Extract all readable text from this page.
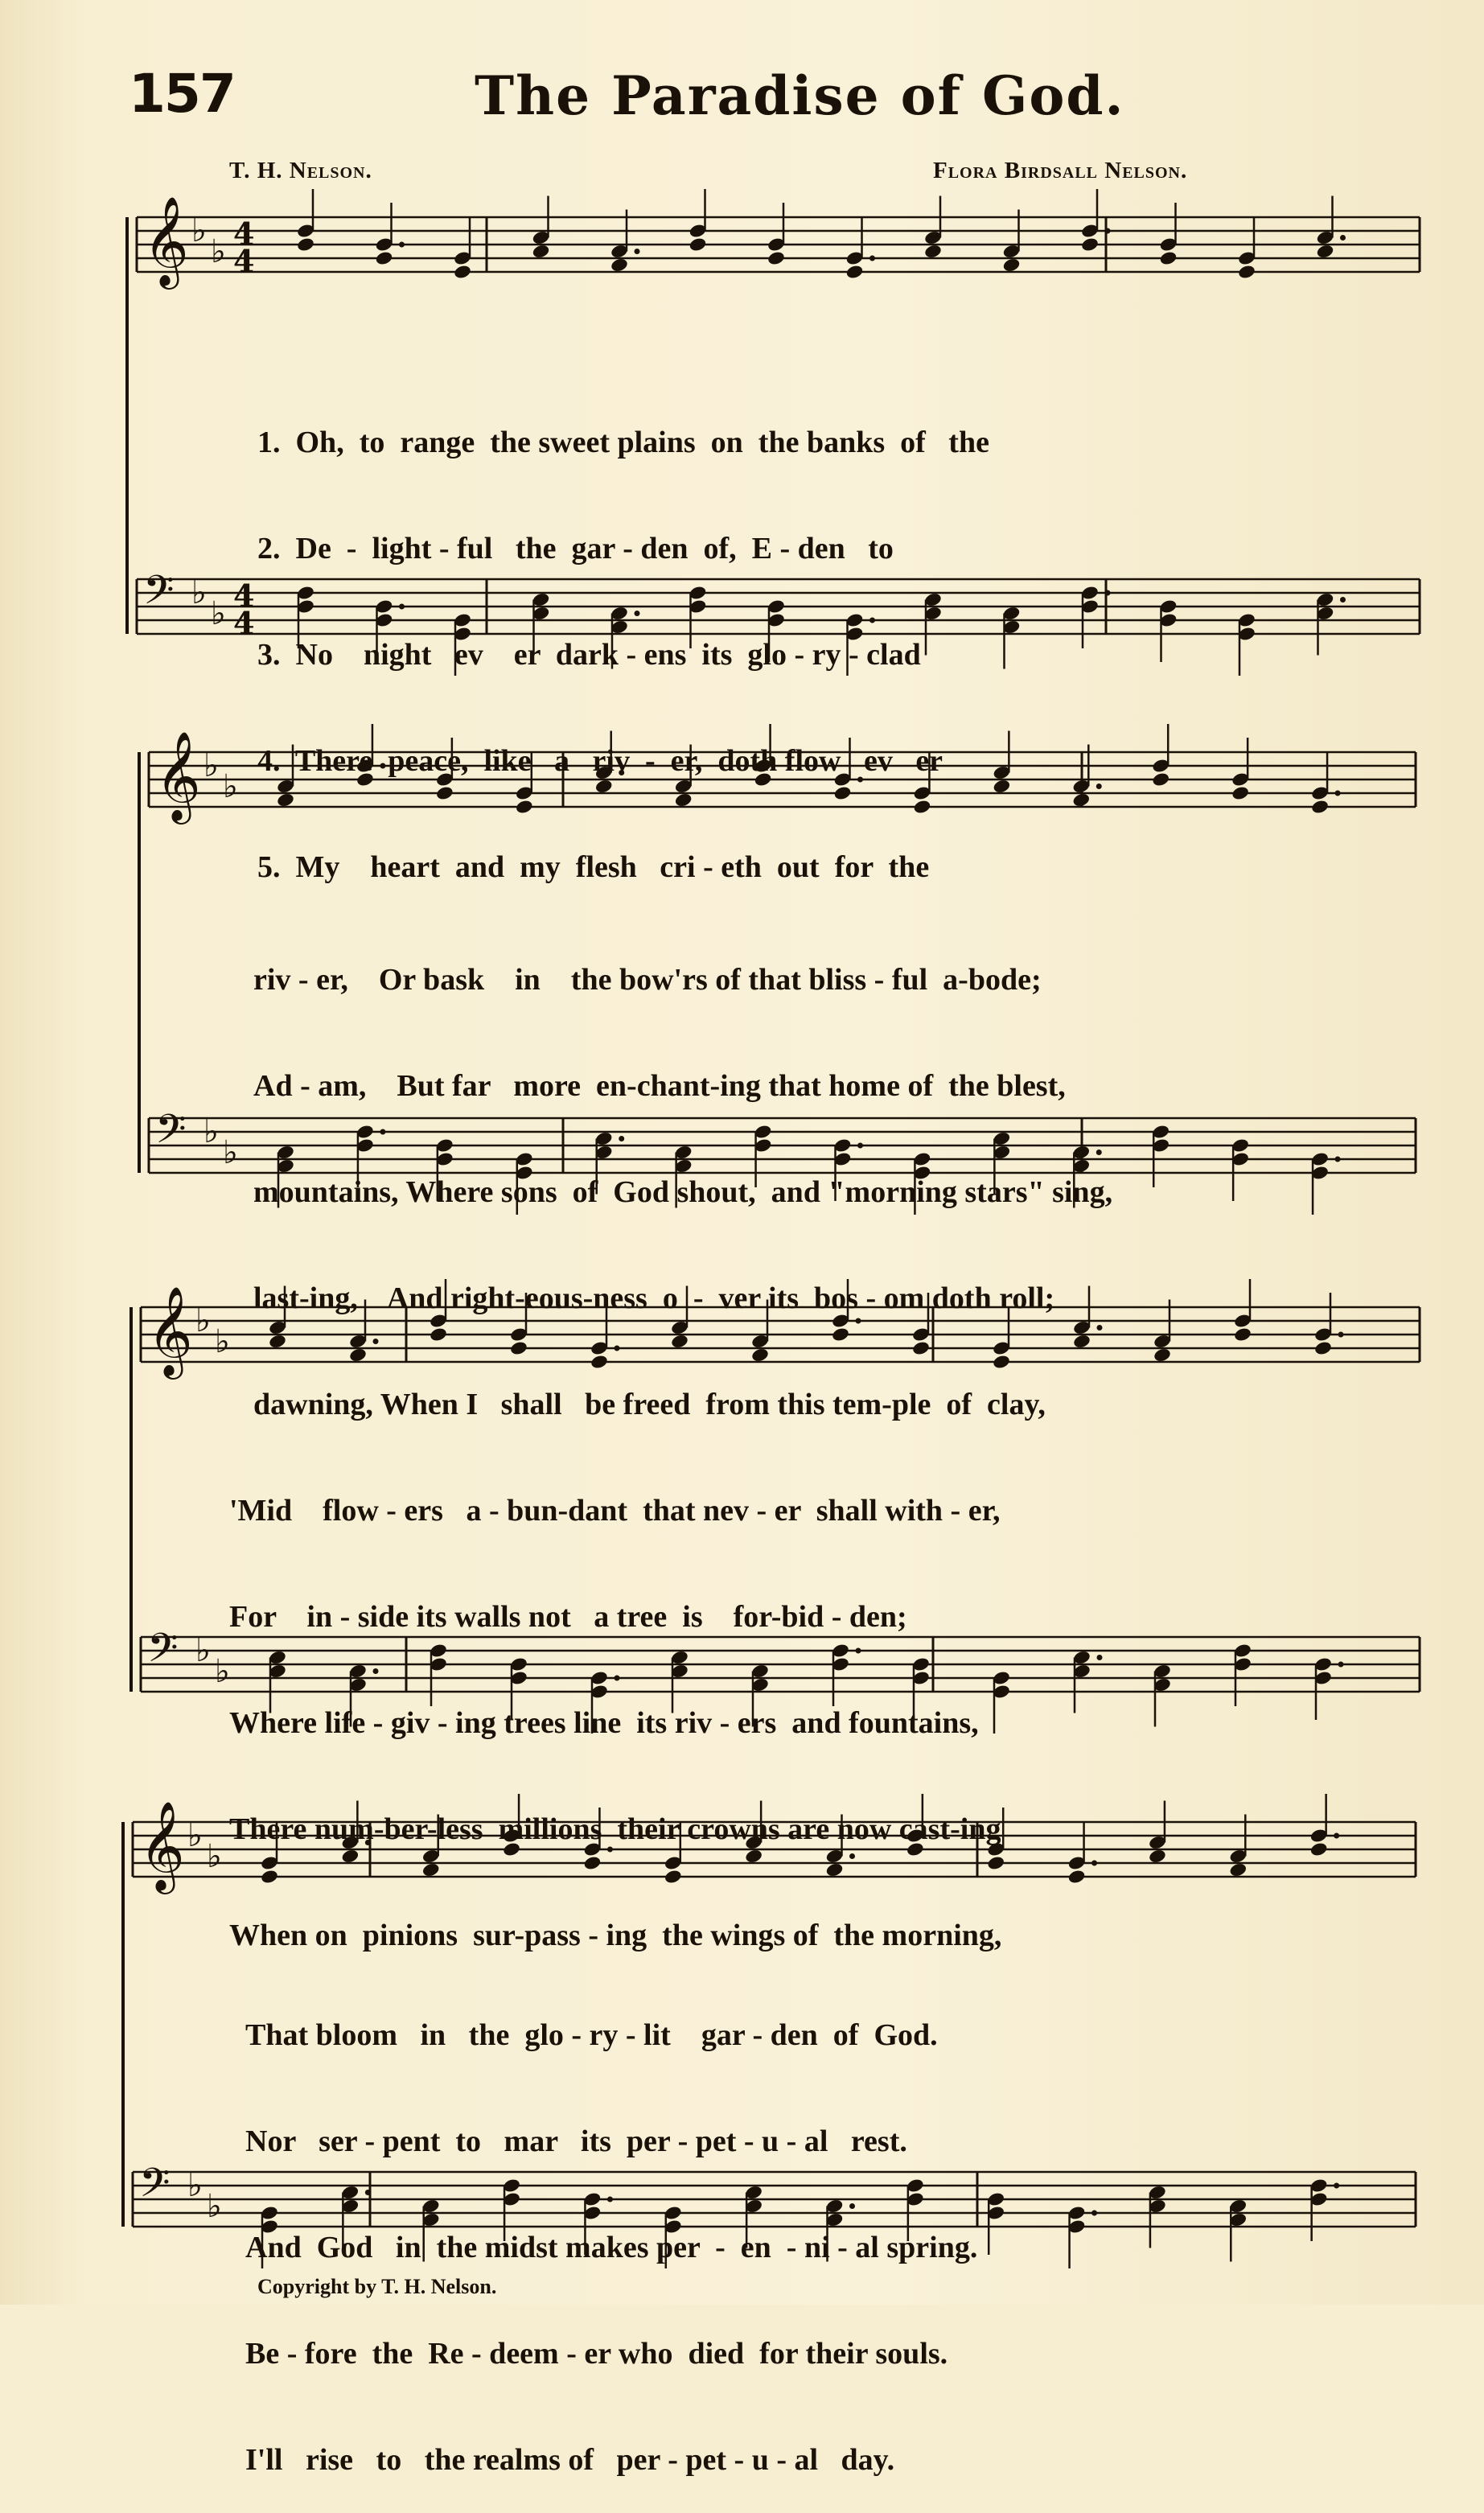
157	The Paradise of God.
T. H. Nelson.	Flora Birdsall Nelson.
𝄞 ♭
♭ 4
4
𝄢 ♭
♭ 4
4
𝄞 ♭
♭
𝄢 ♭
♭
𝄞 ♭
♭
𝄢 ♭
♭
𝄞 ♭
♭
𝄢 ♭
♭

1.  Oh,  to  range  the sweet plains  on  the banks  of   the

2.  De  -  light - ful   the  gar - den  of,  E - den   to

3.  No    night   ev    er  dark - ens  its  glo - ry - clad

4.  There  peace,  like   a   riv  -  er,  doth flow   ev   er

5.  My    heart  and  my  flesh   cri - eth  out  for  the

riv - er,    Or bask    in    the bow'rs of that bliss - ful  a-bode;

Ad - am,    But far   more  en-chant-ing that home of  the blest,

mountains, Where sons  of  God shout,  and "morning stars" sing,

last-ing,    And right-eous-ness  o  -  ver its  bos - om doth roll;

dawning, When I   shall   be freed  from this tem-ple  of  clay,

'Mid    flow - ers   a - bun-dant  that nev - er  shall with - er,

For    in - side its walls not   a tree  is    for-bid - den;

Where life - giv - ing trees line  its riv - ers  and fountains,

There num-ber-less  millions  their crowns are now cast-ing

When on  pinions  sur-pass - ing  the wings of  the morning,

That bloom   in   the  glo - ry - lit    gar - den  of  God.

Nor   ser - pent  to   mar   its  per - pet - u - al   rest.

And  God   in  the midst makes per  -  en  - ni - al spring.

Be - fore  the  Re - deem - er who  died  for their souls.

I'll   rise   to   the realms of   per - pet - u - al   day.

Copyright by T. H. Nelson.
